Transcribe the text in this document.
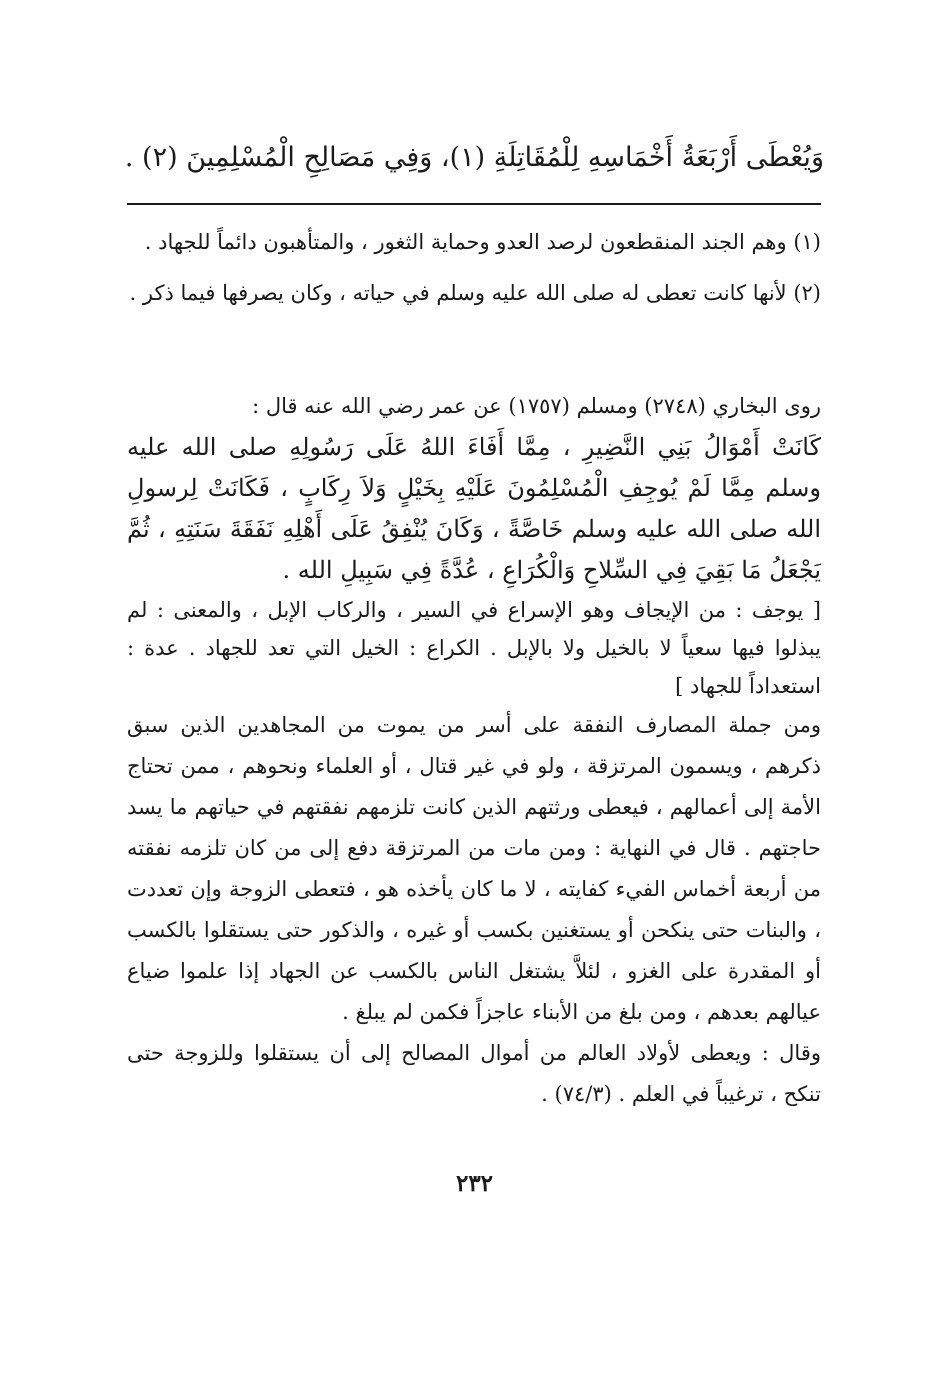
وَيُعْطَى أَرْبَعَةُ أَخْمَاسِهِ لِلْمُقَاتِلَةِ (١)، وَفِي مَصَالِحِ الْمُسْلِمِينَ (٢) .

(١) وهم الجند المنقطعون لرصد العدو وحماية الثغور ، والمتأهبون دائماً للجهاد .

(٢) لأنها كانت تعطى له صلى الله عليه وسلم في حياته ، وكان يصرفها فيما ذكر .

روى البخاري (٢٧٤٨) ومسلم (١٧٥٧) عن عمر رضي الله عنه قال :

كَانَتْ أَمْوَالُ بَنِي النَّضِيرِ ، مِمَّا أَفَاءَ اللهُ عَلَى رَسُولِهِ صلى الله عليه وسلم مِمَّا لَمْ يُوجِفِ الْمُسْلِمُونَ عَلَيْهِ بِخَيْلٍ وَلاَ رِكَابٍ ، فَكَانَتْ لِرسولِ الله صلى الله عليه وسلم خَاصَّةً ، وَكَانَ يُنْفِقُ عَلَى أَهْلِهِ نَفَقَةَ سَنَتِهِ ، ثُمَّ يَجْعَلُ مَا بَقِيَ فِي السِّلاحِ وَالْكُرَاعِ ، عُدَّةً فِي سَبِيلِ الله .

[ يوجف : من الإيجاف وهو الإسراع في السير ، والركاب الإبل ، والمعنى : لم يبذلوا فيها سعياً لا بالخيل ولا بالإبل . الكراع : الخيل التي تعد للجهاد . عدة : استعداداً للجهاد ]

ومن جملة المصارف النفقة على أسر من يموت من المجاهدين الذين سبق ذكرهم ، ويسمون المرتزقة ، ولو في غير قتال ، أو العلماء ونحوهم ، ممن تحتاج الأمة إلى أعمالهم ، فيعطى ورثتهم الذين كانت تلزمهم نفقتهم في حياتهم ما يسد حاجتهم . قال في النهاية : ومن مات من المرتزقة دفع إلى من كان تلزمه نفقته من أربعة أخماس الفيء كفايته ، لا ما كان يأخذه هو ، فتعطى الزوجة وإن تعددت ، والبنات حتى ينكحن أو يستغنين بكسب أو غيره ، والذكور حتى يستقلوا بالكسب أو المقدرة على الغزو ، لئلاَّ يشتغل الناس بالكسب عن الجهاد إذا علموا ضياع عيالهم بعدهم ، ومن بلغ من الأبناء عاجزاً فكمن لم يبلغ .

وقال : ويعطى لأولاد العالم من أموال المصالح إلى أن يستقلوا وللزوجة حتى تنكح ، ترغيباً في العلم . (٧٤/٣) .

٢٣٢
